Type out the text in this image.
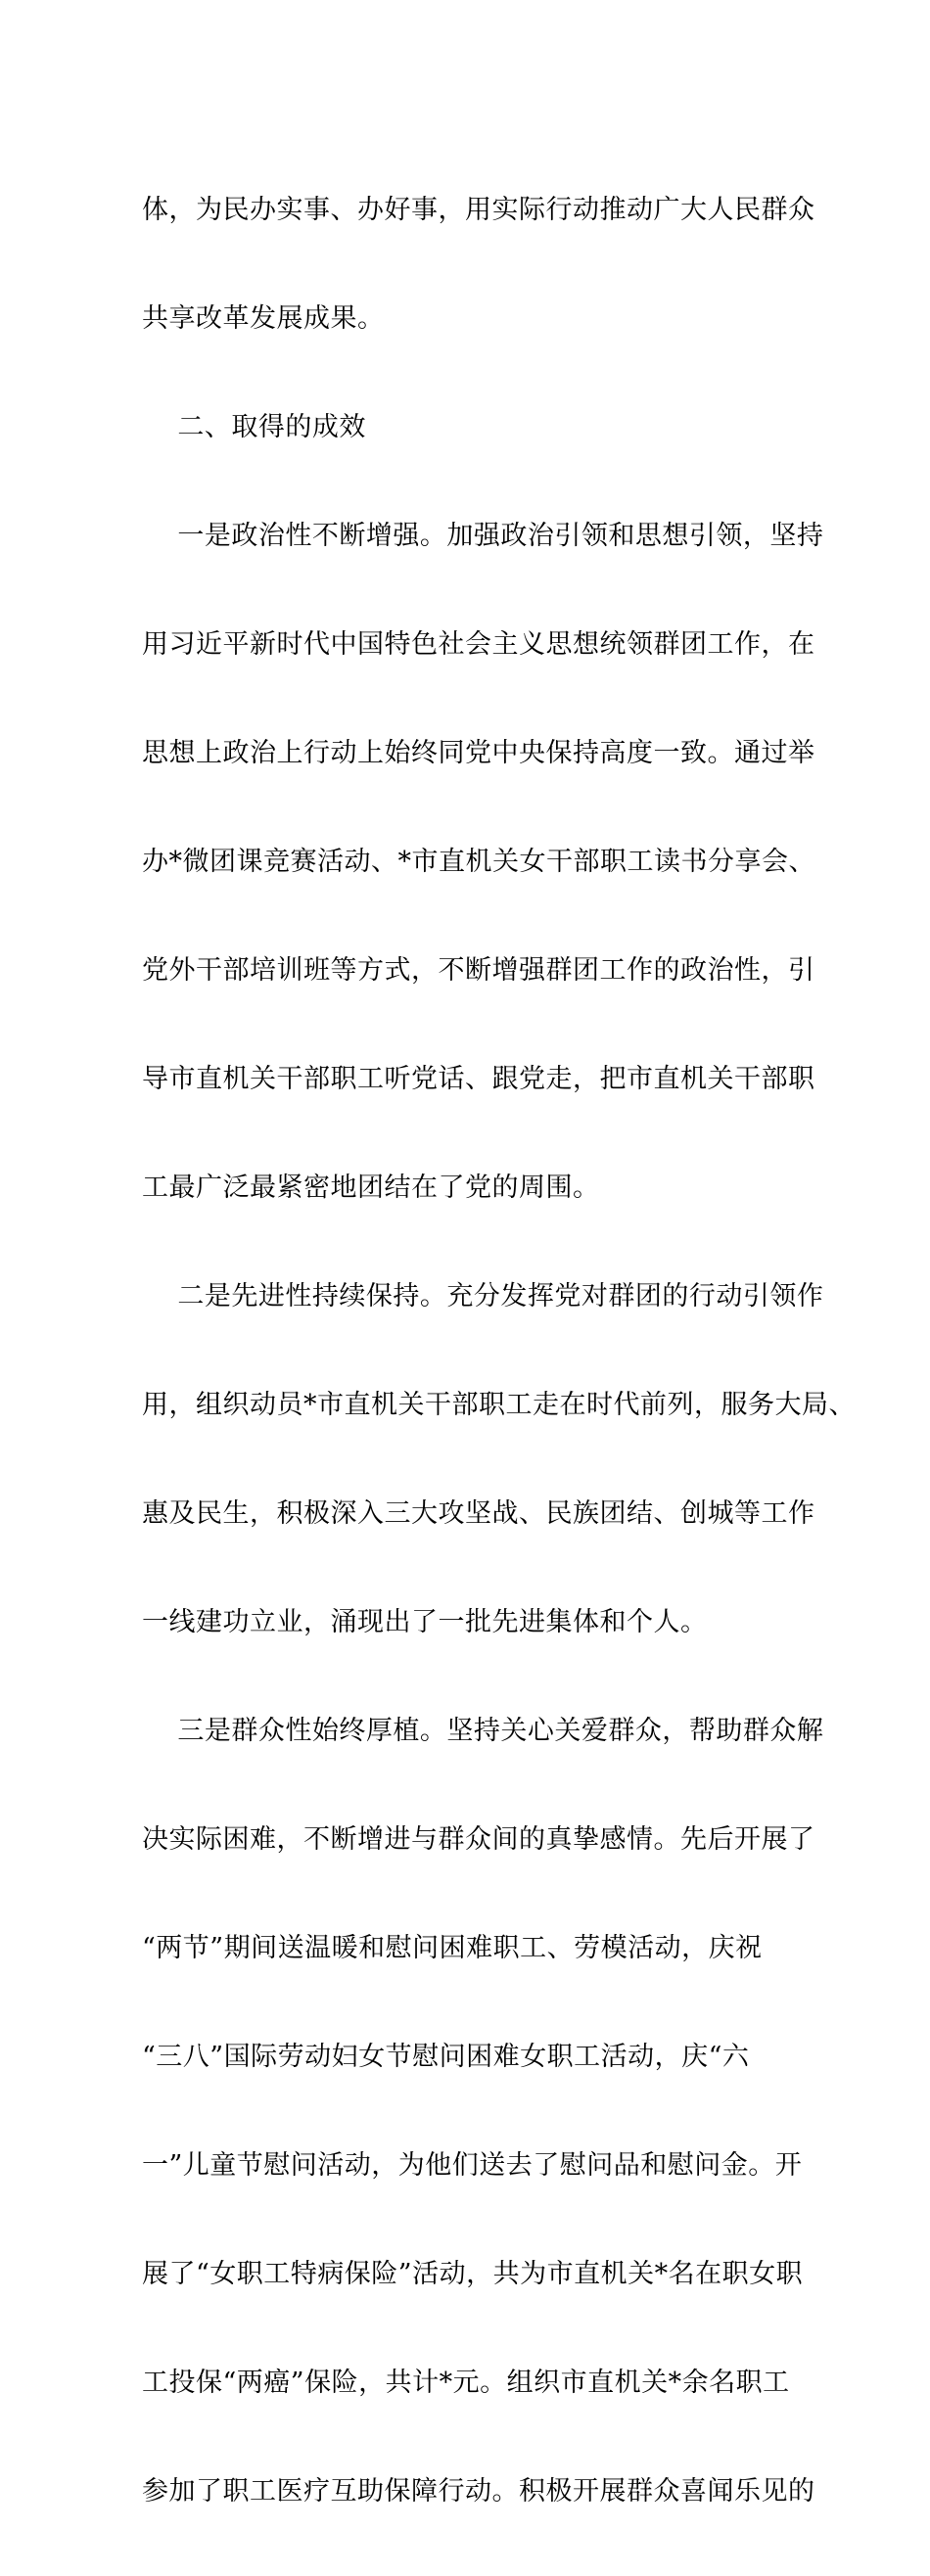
体，为民办实事、办好事，用实际行动推动广大人民群众

共享改革发展成果。

二、取得的成效

一是政治性不断增强。加强政治引领和思想引领，坚持

用习近平新时代中国特色社会主义思想统领群团工作，在

思想上政治上行动上始终同党中央保持高度一致。通过举

办*微团课竞赛活动、*市直机关女干部职工读书分享会、

党外干部培训班等方式，不断增强群团工作的政治性，引

导市直机关干部职工听党话、跟党走，把市直机关干部职

工最广泛最紧密地团结在了党的周围。

二是先进性持续保持。充分发挥党对群团的行动引领作

用，组织动员*市直机关干部职工走在时代前列，服务大局、

惠及民生，积极深入三大攻坚战、民族团结、创城等工作

一线建功立业，涌现出了一批先进集体和个人。

三是群众性始终厚植。坚持关心关爱群众，帮助群众解

决实际困难，不断增进与群众间的真挚感情。先后开展了

“两节”期间送温暖和慰问困难职工、劳模活动，庆祝

“三八”国际劳动妇女节慰问困难女职工活动，庆“六

一”儿童节慰问活动，为他们送去了慰问品和慰问金。开

展了“女职工特病保险”活动，共为市直机关*名在职女职

工投保“两癌”保险，共计*元。组织市直机关*余名职工

参加了职工医疗互助保障行动。积极开展群众喜闻乐见的
